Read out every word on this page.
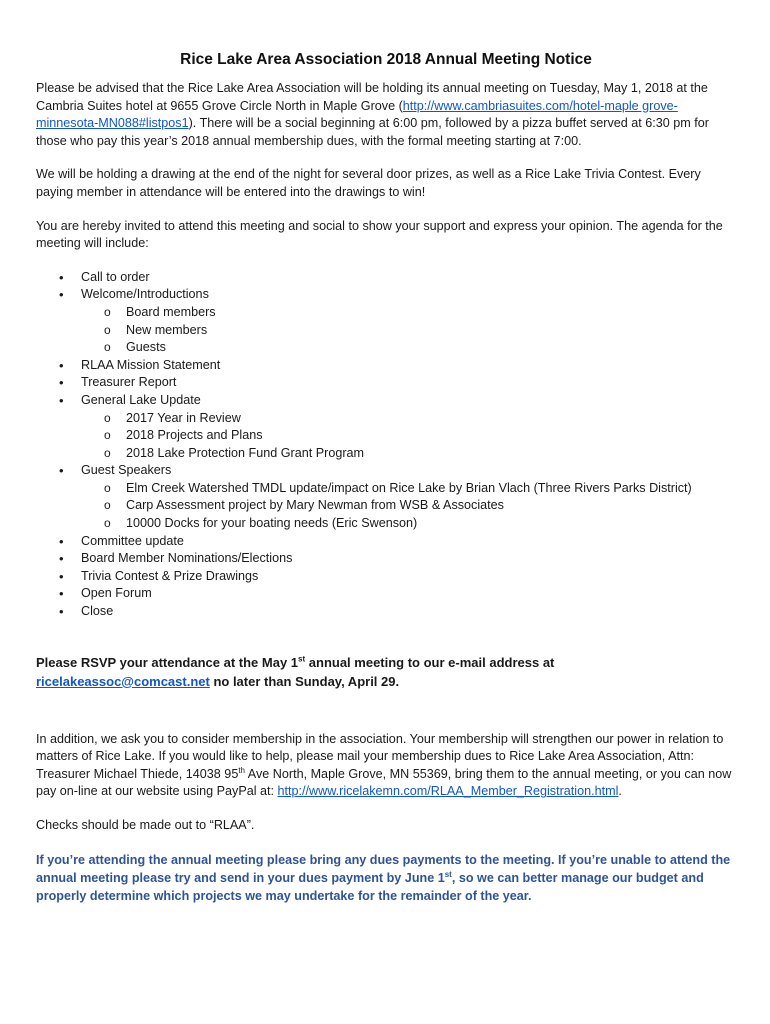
Rice Lake Area Association 2018 Annual Meeting Notice

Please be advised that the Rice Lake Area Association will be holding its annual meeting on Tuesday, May 1, 2018 at the Cambria Suites hotel at 9655 Grove Circle North in Maple Grove (http://www.cambriasuites.com/hotel-maple grove-minnesota-MN088#listpos1). There will be a social beginning at 6:00 pm, followed by a pizza buffet served at 6:30 pm for those who pay this year’s 2018 annual membership dues, with the formal meeting starting at 7:00.

We will be holding a drawing at the end of the night for several door prizes, as well as a Rice Lake Trivia Contest. Every paying member in attendance will be entered into the drawings to win!

You are hereby invited to attend this meeting and social to show your support and express your opinion. The agenda for the meeting will include:

• Call to order
• Welcome/Introductions
o Board members
o New members
o Guests
• RLAA Mission Statement
• Treasurer Report
• General Lake Update
o 2017 Year in Review
o 2018 Projects and Plans
o 2018 Lake Protection Fund Grant Program
• Guest Speakers
o Elm Creek Watershed TMDL update/impact on Rice Lake by Brian Vlach (Three Rivers Parks District)
o Carp Assessment project by Mary Newman from WSB & Associates
o 10000 Docks for your boating needs (Eric Swenson)
• Committee update
• Board Member Nominations/Elections
• Trivia Contest & Prize Drawings
• Open Forum
• Close

Please RSVP your attendance at the May 1st annual meeting to our e-mail address at
ricelakeassoc@comcast.net no later than Sunday, April 29.

In addition, we ask you to consider membership in the association. Your membership will strengthen our power in relation to matters of Rice Lake. If you would like to help, please mail your membership dues to Rice Lake Area Association, Attn: Treasurer Michael Thiede, 14038 95th Ave North, Maple Grove, MN 55369, bring them to the annual meeting, or you can now pay on-line at our website using PayPal at: http://www.ricelakemn.com/RLAA_Member_Registration.html.

Checks should be made out to “RLAA”.

If you’re attending the annual meeting please bring any dues payments to the meeting. If you’re unable to attend the annual meeting please try and send in your dues payment by June 1st, so we can better manage our budget and properly determine which projects we may undertake for the remainder of the year.
